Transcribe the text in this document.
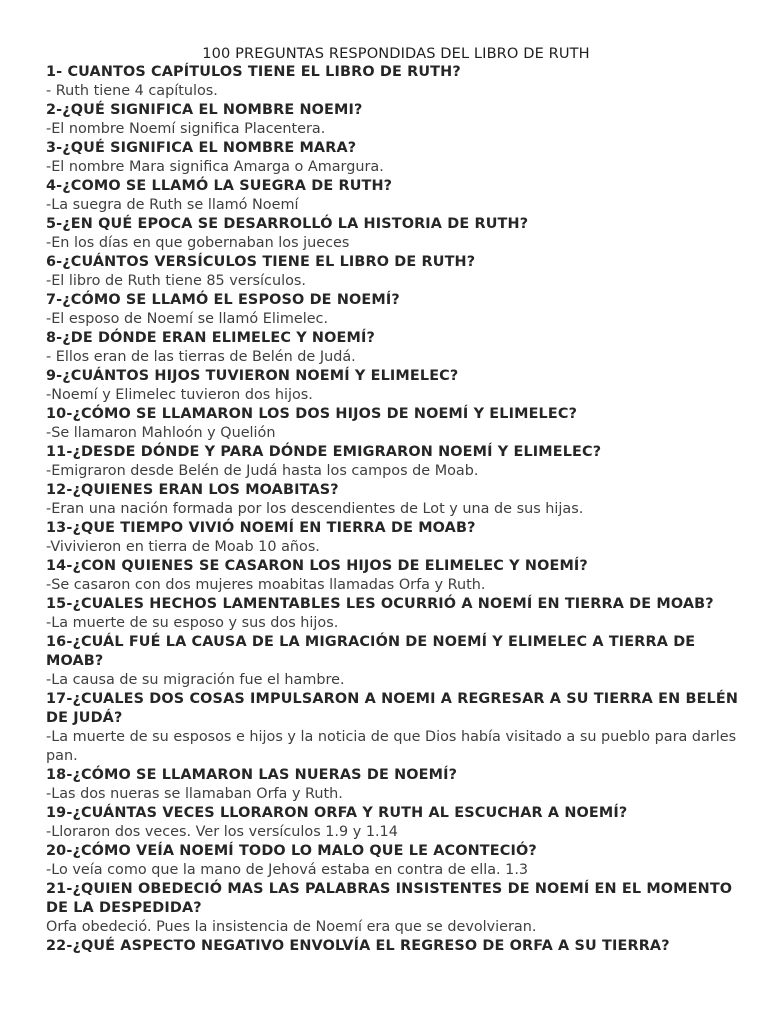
100 PREGUNTAS RESPONDIDAS DEL LIBRO DE RUTH
1- CUANTOS CAPÍTULOS TIENE EL LIBRO DE RUTH?
- Ruth tiene 4 capítulos.
2-¿QUÉ SIGNIFICA EL NOMBRE NOEMI?
-El nombre Noemí significa Placentera.
3-¿QUÉ SIGNIFICA EL NOMBRE MARA?
-El nombre Mara significa Amarga o Amargura.
4-¿COMO SE LLAMÓ LA SUEGRA DE RUTH?
-La suegra de Ruth se llamó Noemí
5-¿EN QUÉ EPOCA SE DESARROLLÓ LA HISTORIA DE RUTH?
-En los días en que gobernaban los jueces
6-¿CUÁNTOS VERSÍCULOS TIENE EL LIBRO DE RUTH?
-El libro de Ruth tiene 85 versículos.
7-¿CÓMO SE LLAMÓ EL ESPOSO DE NOEMÍ?
-El esposo de Noemí se llamó Elimelec.
8-¿DE DÓNDE ERAN ELIMELEC Y NOEMÍ?
- Ellos eran de las tierras de Belén de Judá.
9-¿CUÁNTOS HIJOS TUVIERON NOEMÍ Y ELIMELEC?
-Noemí y Elimelec tuvieron dos hijos.
10-¿CÓMO SE LLAMARON LOS DOS HIJOS DE NOEMÍ Y ELIMELEC?
-Se llamaron Mahloón y Quelión
11-¿DESDE DÓNDE Y PARA DÓNDE EMIGRARON NOEMÍ Y ELIMELEC?
-Emigraron desde Belén de Judá hasta los campos de Moab.
12-¿QUIENES ERAN LOS MOABITAS?
-Eran una nación formada por los descendientes de Lot y una de sus hijas.
13-¿QUE TIEMPO VIVIÓ NOEMÍ EN TIERRA DE MOAB?
-Vivivieron en tierra de Moab 10 años.
14-¿CON QUIENES SE CASARON LOS HIJOS DE ELIMELEC Y NOEMÍ?
-Se casaron con dos mujeres moabitas llamadas Orfa y Ruth.
15-¿CUALES HECHOS LAMENTABLES LES OCURRIÓ A NOEMÍ EN TIERRA DE MOAB?
-La muerte de su esposo y sus dos hijos.
16-¿CUÁL FUÉ LA CAUSA DE LA MIGRACIÓN DE NOEMÍ Y ELIMELEC A TIERRA DE MOAB?
-La causa de su migración fue el hambre.
17-¿CUALES DOS COSAS IMPULSARON A NOEMI A REGRESAR A SU TIERRA EN BELÉN DE JUDÁ?
-La muerte de su esposos e hijos y la noticia de que Dios había visitado a su pueblo para darles pan.
18-¿CÓMO SE LLAMARON LAS NUERAS DE NOEMÍ?
-Las dos nueras se llamaban Orfa y Ruth.
19-¿CUÁNTAS VECES LLORARON ORFA Y RUTH AL ESCUCHAR A NOEMÍ?
-Lloraron dos veces. Ver los versículos 1.9 y 1.14
20-¿CÓMO VEÍA NOEMÍ TODO LO MALO QUE LE ACONTECIÓ?
-Lo veía como que la mano de Jehová estaba en contra de ella. 1.3
21-¿QUIEN OBEDECIÓ MAS LAS PALABRAS INSISTENTES DE NOEMÍ EN EL MOMENTO DE LA DESPEDIDA?
Orfa obedeció. Pues la insistencia de Noemí era que se devolvieran.
22-¿QUÉ ASPECTO NEGATIVO ENVOLVÍA EL REGRESO DE ORFA A SU TIERRA?
